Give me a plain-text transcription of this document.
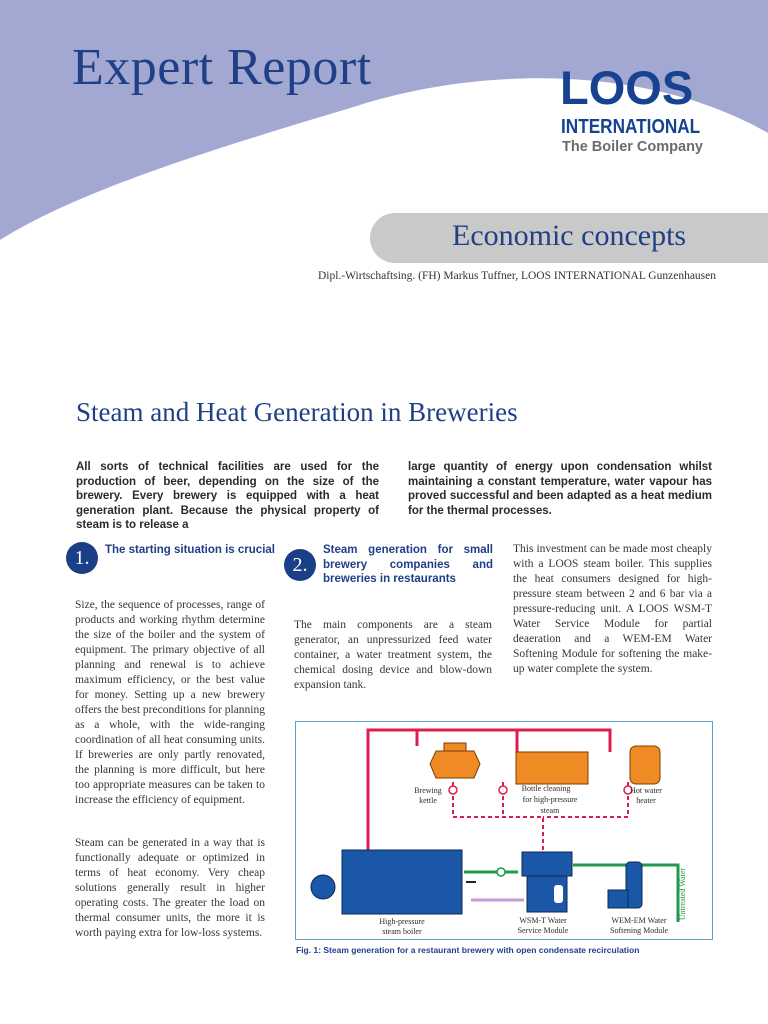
Expert Report	LOOS
INTERNATIONAL
The Boiler Company
Economic concepts
Dipl.-Wirtschaftsing. (FH) Markus Tuffner, LOOS INTERNATIONAL Gunzenhausen
Steam and Heat Generation in Breweries
All sorts of technical facilities are used for the production of beer, depending on the size of the brewery. Every brewery is equipped with a heat generation plant. Because the physical property of steam is to release a
large quantity of energy upon condensation whilst maintaining a constant temperature, water vapour has proved successful and been adapted as a heat medium for the thermal processes.
1.	The starting situation is crucial
Size, the sequence of processes, range of products and working rhythm determine the size of the boiler and the system of equipment. The primary objective of all planning and renewal is to achieve maximum efficiency, or the best value for money. Setting up a new brewery offers the best preconditions for planning as a whole, with the wide-ranging coordination of all heat consuming units. If breweries are only partly renovated, the planning is more difficult, but here too appropriate measures can be taken to increase the efficiency of equipment.
Steam can be generated in a way that is functionally adequate or optimized in terms of heat economy. Very cheap solutions generally result in higher operating costs. The greater the load on thermal consumer units, the more it is worth paying extra for low-loss systems.
2.
Steam generation for small brewery companies and breweries in restaurants
The main components are a steam generator, an unpressurized feed water container, a water treatment system, the chemical dosing device and blow-down expansion tank.
This investment can be made most cheaply with a LOOS steam boiler. This supplies the heat consumers designed for high-pressure steam between 2 and 6 bar via a pressure-reducing unit. A LOOS WSM-T Water Service Module for partial deaeration and a WEM-EM Water Softening Module for softening the make-up water complete the system.
Brewing
kettle
Bottle cleaning
for high-pressure
steam
Hot water
heater
High-pressure
steam boiler
WSM-T Water
Service Module
WEM-EM Water
Softening Module
Untreated Water
Fig. 1: Steam generation for a restaurant brewery with open condensate recirculation
